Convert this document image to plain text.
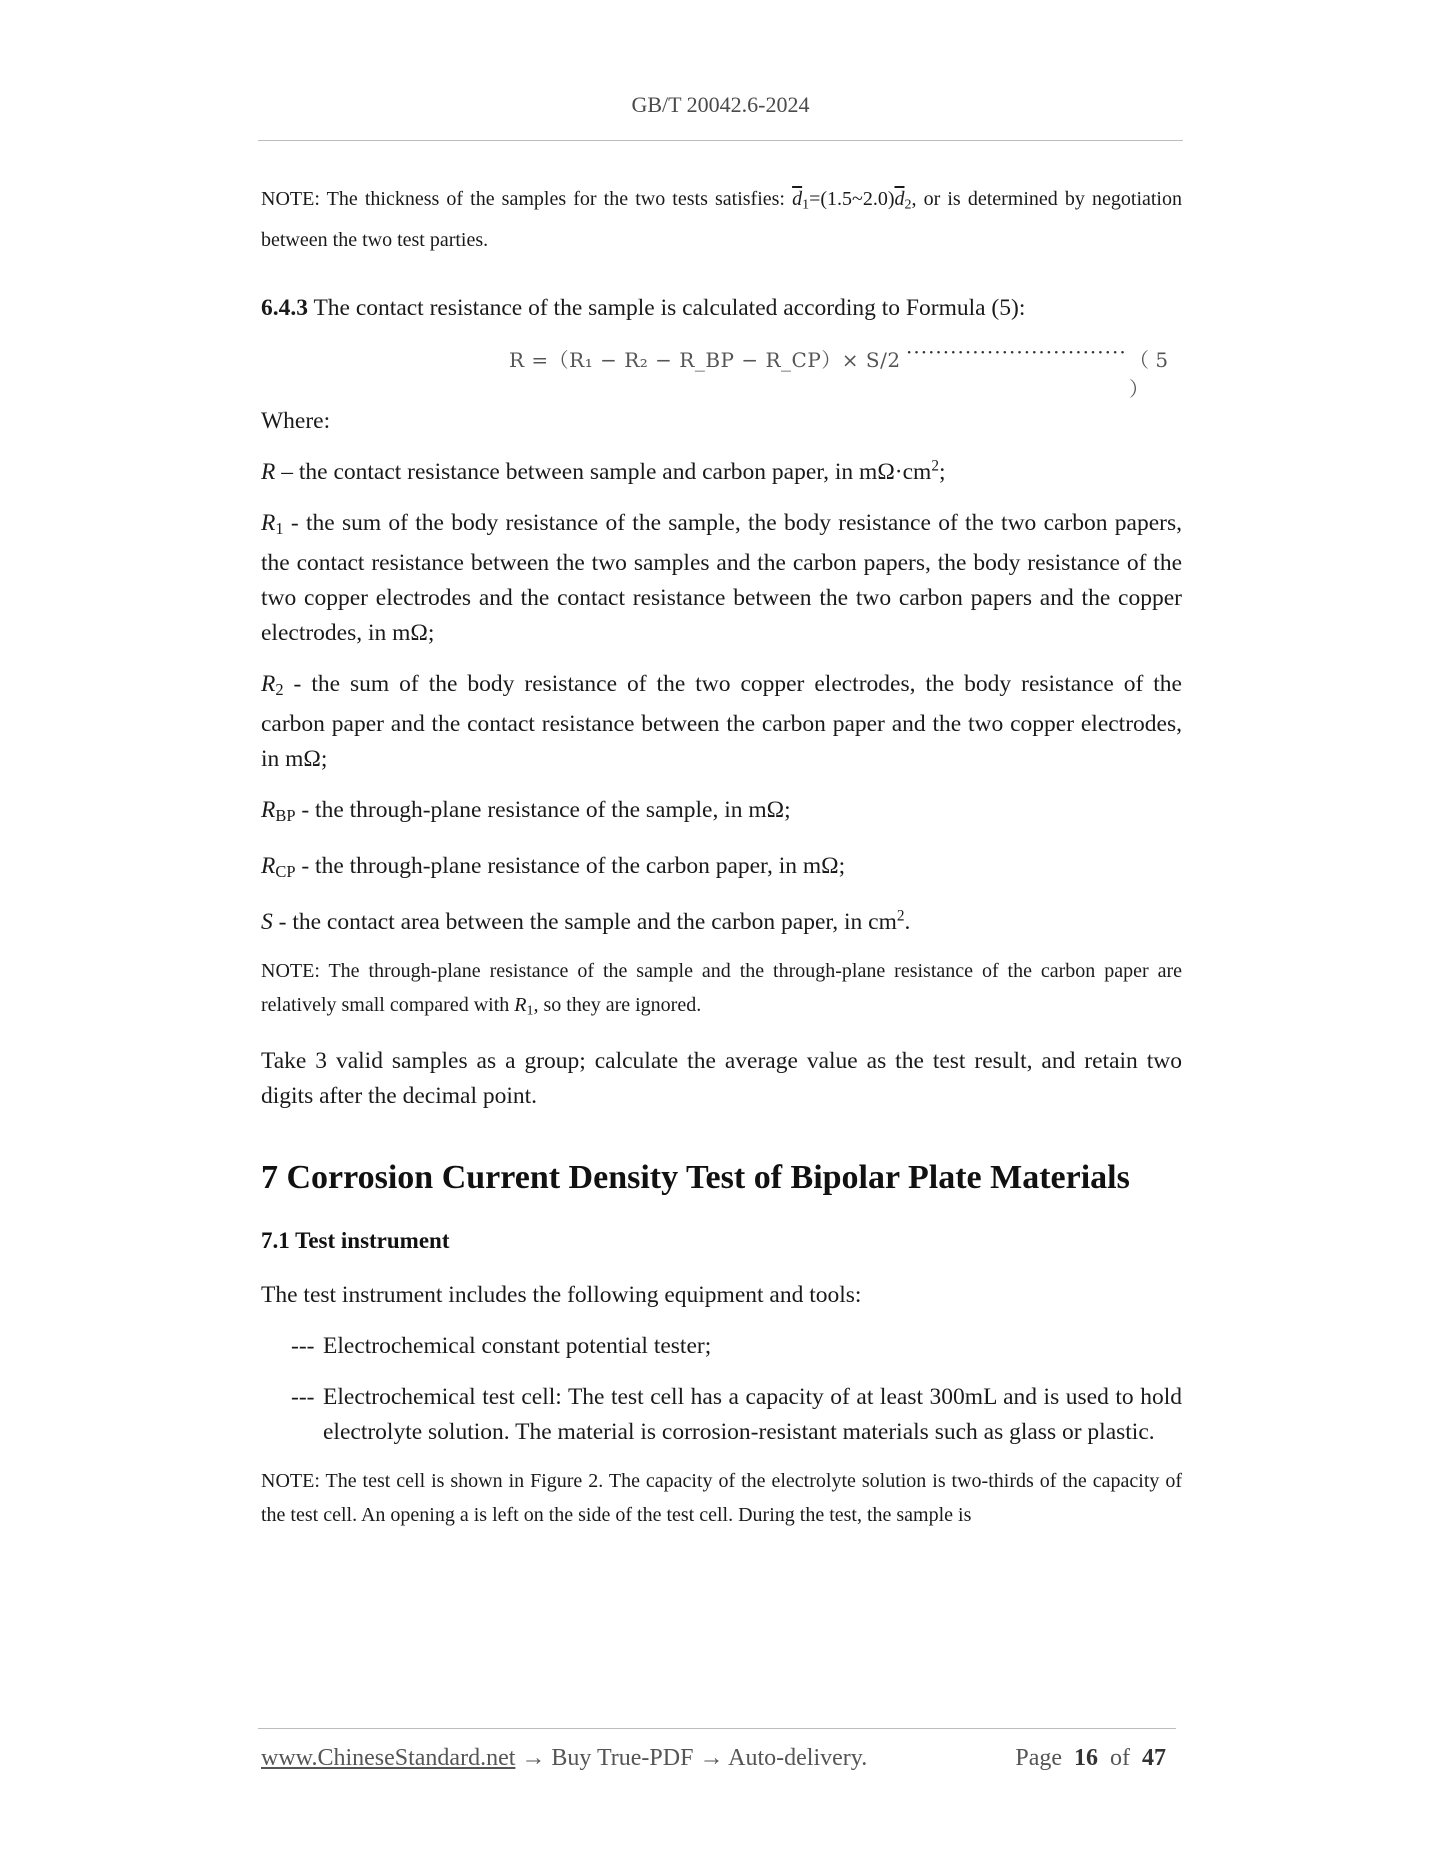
GB/T 20042.6-2024

NOTE: The thickness of the samples for the two tests satisfies: $\overline{d}_1=(1.5\sim 2.0)\overline{d}_2$, or is determined by negotiation between the two test parties.

6.4.3 The contact resistance of the sample is calculated according to Formula (5):

R =（R₁ − R₂ − R_BP − R_CP）× S/2 ······························ （ 5 ）

Where:

R – the contact resistance between sample and carbon paper, in $m\Omega\cdot cm^2$;

$R_1$ - the sum of the body resistance of the sample, the body resistance of the two carbon papers, the contact resistance between the two samples and the carbon papers, the body resistance of the two copper electrodes and the contact resistance between the two carbon papers and the copper electrodes, in mΩ;

$R_2$ - the sum of the body resistance of the two copper electrodes, the body resistance of the carbon paper and the contact resistance between the carbon paper and the two copper electrodes, in mΩ;

$R_{BP}$ - the through-plane resistance of the sample, in mΩ;

$R_{CP}$ - the through-plane resistance of the carbon paper, in mΩ;

S - the contact area between the sample and the carbon paper, in $cm^2$.

NOTE: The through-plane resistance of the sample and the through-plane resistance of the carbon paper are relatively small compared with $R_1$, so they are ignored.

Take 3 valid samples as a group; calculate the average value as the test result, and retain two digits after the decimal point.

7 Corrosion Current Density Test of Bipolar Plate Materials
7.1 Test instrument

The test instrument includes the following equipment and tools:

--- Electrochemical constant potential tester;

--- Electrochemical test cell: The test cell has a capacity of at least 300mL and is used to hold electrolyte solution. The material is corrosion-resistant materials such as glass or plastic.

NOTE: The test cell is shown in Figure 2. The capacity of the electrolyte solution is two-thirds of the capacity of the test cell. An opening a is left on the side of the test cell. During the test, the sample is

www.ChineseStandard.net → Buy True-PDF → Auto-delivery.	Page 16 of 47
